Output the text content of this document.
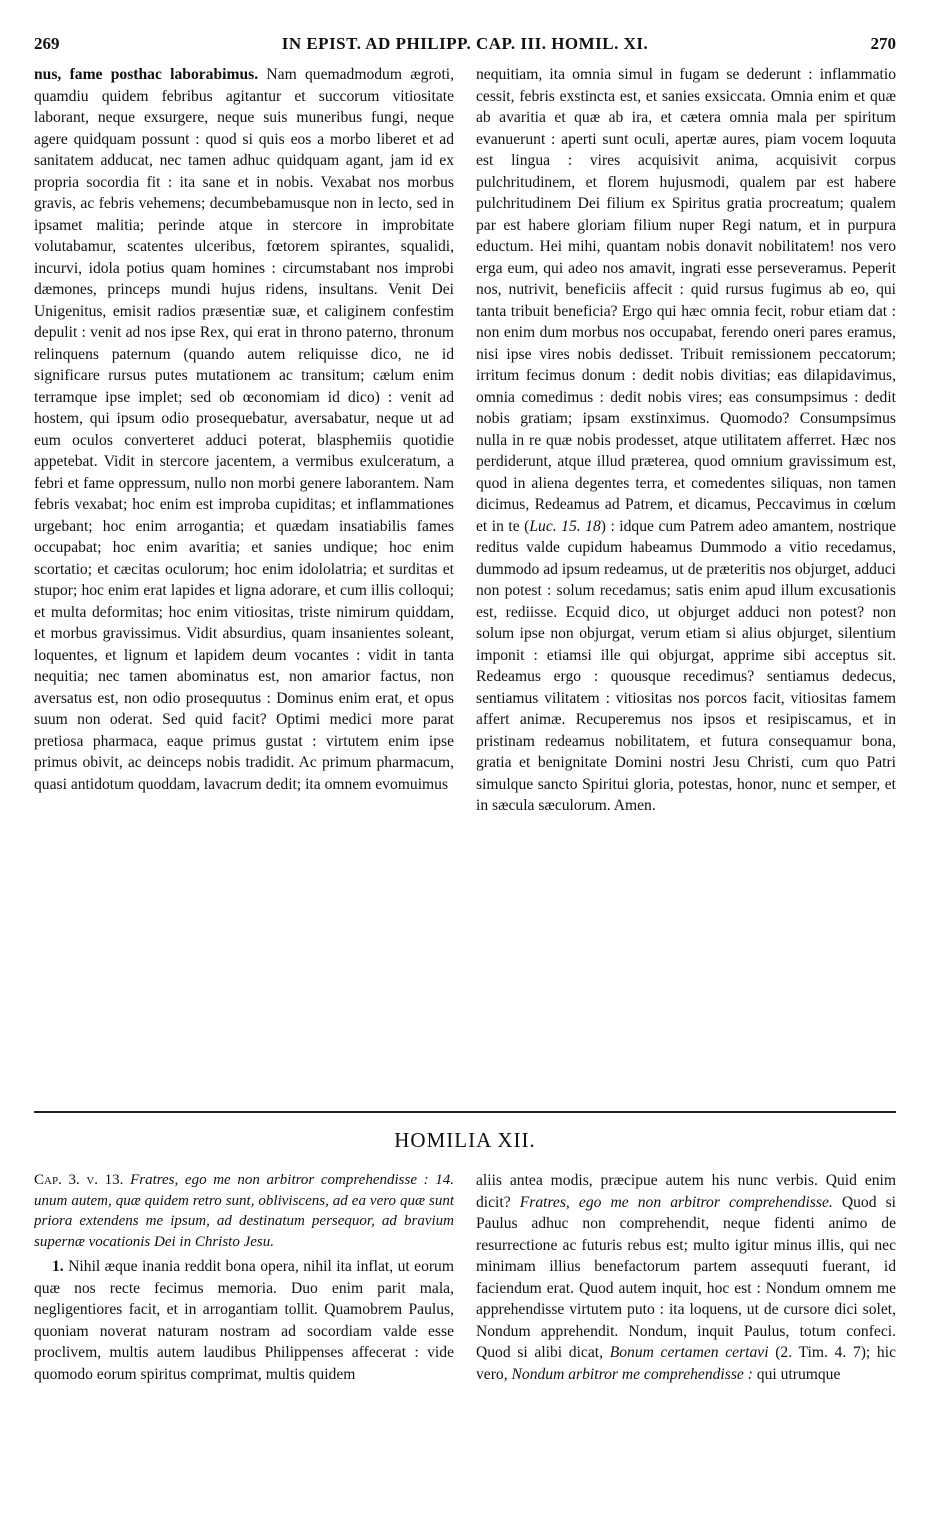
269	IN EPIST. AD PHILIPP. CAP. III. HOMIL. XI.	270

nus, fame posthac laborabimus. Nam quemadmodum ægroti, quamdiu quidem febribus agitantur et succorum vitiositate laborant, neque exsurgere, neque suis muneribus fungi, neque agere quidquam possunt : quod si quis eos a morbo liberet et ad sanitatem adducat, nec tamen adhuc quidquam agant, jam id ex propria socordia fit : ita sane et in nobis. Vexabat nos morbus gravis, ac febris vehemens; decumbebamusque non in lecto, sed in ipsamet malitia; perinde atque in stercore in improbitate volutabamur, scatentes ulceribus, fœtorem spirantes, squalidi, incurvi, idola potius quam homines : circumstabant nos improbi dæmones, princeps mundi hujus ridens, insultans. Venit Dei Unigenitus, emisit radios præsentiæ suæ, et caliginem confestim depulit : venit ad nos ipse Rex, qui erat in throno paterno, thronum relinquens paternum (quando autem reliquisse dico, ne id significare rursus putes mutationem ac transitum; cælum enim terramque ipse implet; sed ob œconomiam id dico) : venit ad hostem, qui ipsum odio prosequebatur, aversabatur, neque ut ad eum oculos converteret adduci poterat, blasphemiis quotidie appetebat. Vidit in stercore jacentem, a vermibus exulceratum, a febri et fame oppressum, nullo non morbi genere laborantem. Nam febris vexabat; hoc enim est improba cupiditas; et inflammationes urgebant; hoc enim arrogantia; et quædam insatiabilis fames occupabat; hoc enim avaritia; et sanies undique; hoc enim scortatio; et cæcitas oculorum; hoc enim idololatria; et surditas et stupor; hoc enim erat lapides et ligna adorare, et cum illis colloqui; et multa deformitas; hoc enim vitiositas, triste nimirum quiddam, et morbus gravissimus. Vidit absurdius, quam insanientes soleant, loquentes, et lignum et lapidem deum vocantes : vidit in tanta nequitia; nec tamen abominatus est, non amarior factus, non aversatus est, non odio prosequutus : Dominus enim erat, et opus suum non oderat. Sed quid facit? Optimi medici more parat pretiosa pharmaca, eaque primus gustat : virtutem enim ipse primus obivit, ac deinceps nobis tradidit. Ac primum pharmacum, quasi antidotum quoddam, lavacrum dedit; ita omnem evomuimus

nequitiam, ita omnia simul in fugam se dederunt : inflammatio cessit, febris exstincta est, et sanies exsiccata. Omnia enim et quæ ab avaritia et quæ ab ira, et cætera omnia mala per spiritum evanuerunt : aperti sunt oculi, apertæ aures, piam vocem loquuta est lingua : vires acquisivit anima, acquisivit corpus pulchritudinem, et florem hujusmodi, qualem par est habere pulchritudinem Dei filium ex Spiritus gratia procreatum; qualem par est habere gloriam filium nuper Regi natum, et in purpura eductum. Hei mihi, quantam nobis donavit nobilitatem! nos vero erga eum, qui adeo nos amavit, ingrati esse perseveramus. Peperit nos, nutrivit, beneficiis affecit : quid rursus fugimus ab eo, qui tanta tribuit beneficia? Ergo qui hæc omnia fecit, robur etiam dat : non enim dum morbus nos occupabat, ferendo oneri pares eramus, nisi ipse vires nobis dedisset. Tribuit remissionem peccatorum; irritum fecimus donum : dedit nobis divitias; eas dilapidavimus, omnia comedimus : dedit nobis vires; eas consumpsimus : dedit nobis gratiam; ipsam exstinximus. Quomodo? Consumpsimus nulla in re quæ nobis prodesset, atque utilitatem afferret. Hæc nos perdiderunt, atque illud præterea, quod omnium gravissimum est, quod in aliena degentes terra, et comedentes siliquas, non tamen dicimus, Redeamus ad Patrem, et dicamus, Peccavimus in cœlum et in te (Luc. 15. 18) : idque cum Patrem adeo amantem, nostrique reditus valde cupidum habeamus Dummodo a vitio recedamus, dummodo ad ipsum redeamus, ut de præteritis nos objurget, adduci non potest : solum recedamus; satis enim apud illum excusationis est, rediisse. Ecquid dico, ut objurget adduci non potest? non solum ipse non objurgat, verum etiam si alius objurget, silentium imponit : etiamsi ille qui objurgat, apprime sibi acceptus sit. Redeamus ergo : quousque recedimus? sentiamus dedecus, sentiamus vilitatem : vitiositas nos porcos facit, vitiositas famem affert animæ. Recuperemus nos ipsos et resipiscamus, et in pristinam redeamus nobilitatem, et futura consequamur bona, gratia et benignitate Domini nostri Jesu Christi, cum quo Patri simulque sancto Spiritui gloria, potestas, honor, nunc et semper, et in sæcula sæculorum. Amen.

HOMILIA XII.

Cap. 3. v. 13. Fratres, ego me non arbitror comprehendisse : 14. unum autem, quæ quidem retro sunt, obliviscens, ad ea vero quæ sunt priora extendens me ipsum, ad destinatum persequor, ad bravium supernæ vocationis Dei in Christo Jesu.

1. Nihil æque inania reddit bona opera, nihil ita inflat, ut eorum quæ nos recte fecimus memoria. Duo enim parit mala, negligentiores facit, et in arrogantiam tollit. Quamobrem Paulus, quoniam noverat naturam nostram ad socordiam valde esse proclivem, multis autem laudibus Philippenses affecerat : vide quomodo eorum spiritus comprimat, multis quidem

aliis antea modis, præcipue autem his nunc verbis. Quid enim dicit? Fratres, ego me non arbitror comprehendisse. Quod si Paulus adhuc non comprehendit, neque fidenti animo de resurrectione ac futuris rebus est; multo igitur minus illis, qui nec minimam illius benefactorum partem assequuti fuerant, id faciendum erat. Quod autem inquit, hoc est : Nondum omnem me apprehendisse virtutem puto : ita loquens, ut de cursore dici solet, Nondum apprehendit. Nondum, inquit Paulus, totum confeci. Quod si alibi dicat, Bonum certamen certavi (2. Tim. 4. 7); hic vero, Nondum arbitror me comprehendisse : qui utrumque
